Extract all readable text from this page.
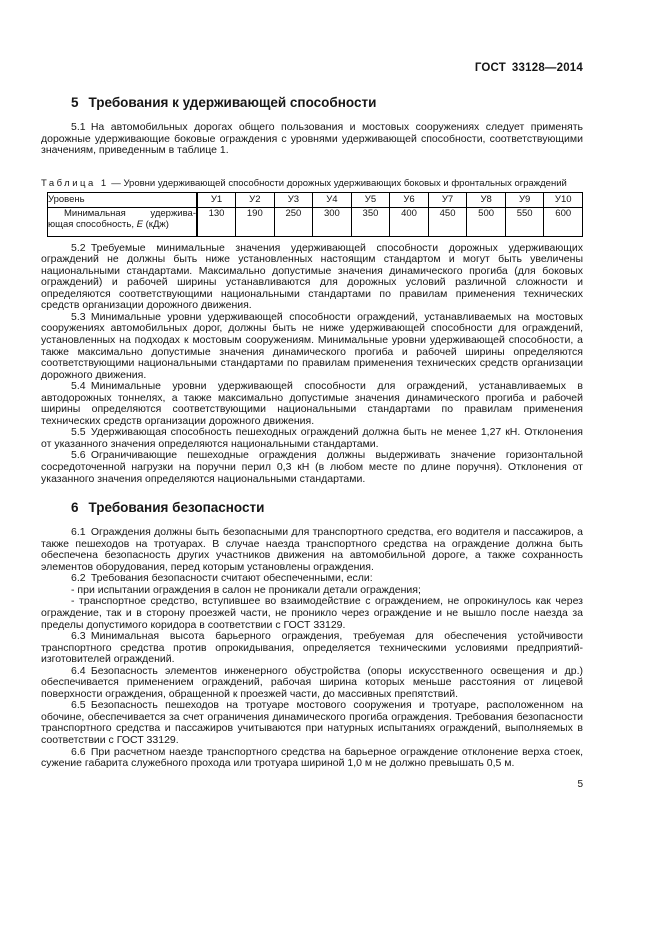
ГОСТ 33128—2014
5 Требования к удерживающей способности

5.1 На автомобильных дорогах общего пользования и мостовых сооружениях следует применять дорожные удерживающие боковые ограждения с уровнями удерживающей способности, соответствующими значениям, приведенным в таблице 1.

Таблица 1 — Уровни удерживающей способности дорожных удерживающих боковых и фронтальных ограждений
Уровень	У1	У2	У3	У4	У5	У6	У7	У8	У9	У10
Минимальная удерживающая способность, E (кДж)	130	190	250	300	350	400	450	500	550	600

5.2 Требуемые минимальные значения удерживающей способности дорожных удерживающих ограждений не должны быть ниже установленных настоящим стандартом и могут быть увеличены национальными стандартами. Максимально допустимые значения динамического прогиба (для боковых ограждений) и рабочей ширины устанавливаются для дорожных условий различной сложности и определяются соответствующими национальными стандартами по правилам применения технических средств организации дорожного движения.

5.3 Минимальные уровни удерживающей способности ограждений, устанавливаемых на мостовых сооружениях автомобильных дорог, должны быть не ниже удерживающей способности для ограждений, установленных на подходах к мостовым сооружениям. Минимальные уровни удерживающей способности, а также максимально допустимые значения динамического прогиба и рабочей ширины определяются соответствующими национальными стандартами по правилам применения технических средств организации дорожного движения.

5.4 Минимальные уровни удерживающей способности для ограждений, устанавливаемых в автодорожных тоннелях, а также максимально допустимые значения динамического прогиба и рабочей ширины определяются соответствующими национальными стандартами по правилам применения технических средств организации дорожного движения.

5.5 Удерживающая способность пешеходных ограждений должна быть не менее 1,27 кН. Отклонения от указанного значения определяются национальными стандартами.

5.6 Ограничивающие пешеходные ограждения должны выдерживать значение горизонтальной сосредоточенной нагрузки на поручни перил 0,3 кН (в любом месте по длине поручня). Отклонения от указанного значения определяются национальными стандартами.

6 Требования безопасности

6.1 Ограждения должны быть безопасными для транспортного средства, его водителя и пассажиров, а также пешеходов на тротуарах. В случае наезда транспортного средства на ограждение должна быть обеспечена безопасность других участников движения на автомобильной дороге, а также сохранность элементов оборудования, перед которым установлены ограждения.

6.2 Требования безопасности считают обеспеченными, если:

- при испытании ограждения в салон не проникали детали ограждения;

- транспортное средство, вступившее во взаимодействие с ограждением, не опрокинулось как через ограждение, так и в сторону проезжей части, не проникло через ограждение и не вышло после наезда за пределы допустимого коридора в соответствии с ГОСТ 33129.

6.3 Минимальная высота барьерного ограждения, требуемая для обеспечения устойчивости транспортного средства против опрокидывания, определяется техническими условиями предприятий-изготовителей ограждений.

6.4 Безопасность элементов инженерного обустройства (опоры искусственного освещения и др.) обеспечивается применением ограждений, рабочая ширина которых меньше расстояния от лицевой поверхности ограждения, обращенной к проезжей части, до массивных препятствий.

6.5 Безопасность пешеходов на тротуаре мостового сооружения и тротуаре, расположенном на обочине, обеспечивается за счет ограничения динамического прогиба ограждения. Требования безопасности транспортного средства и пассажиров учитываются при натурных испытаниях ограждений, выполняемых в соответствии с ГОСТ 33129.

6.6 При расчетном наезде транспортного средства на барьерное ограждение отклонение верха стоек, сужение габарита служебного прохода или тротуара шириной 1,0 м не должно превышать 0,5 м.

5
